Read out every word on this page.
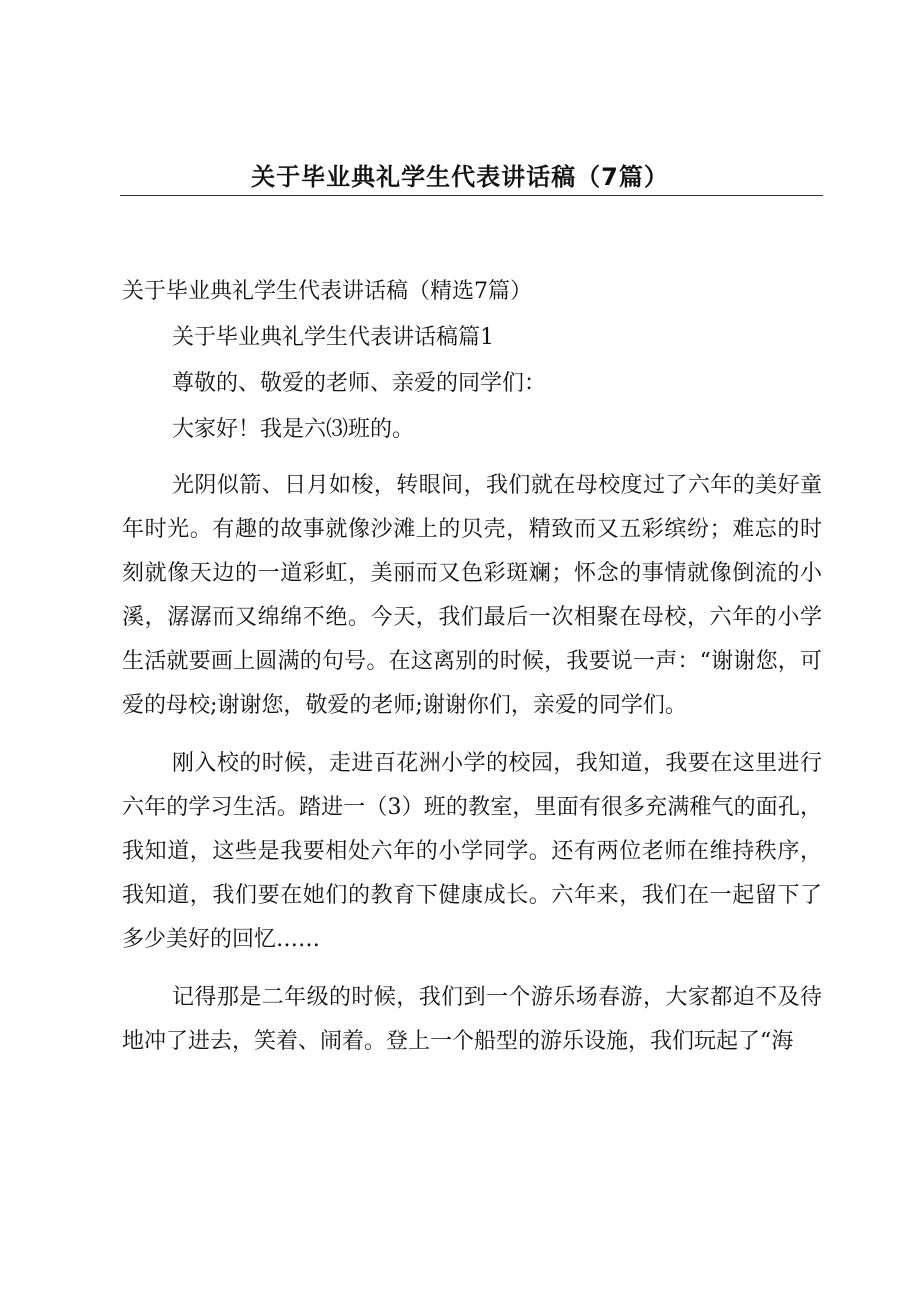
关于毕业典礼学生代表讲话稿（7篇）

关于毕业典礼学生代表讲话稿（精选7篇）

关于毕业典礼学生代表讲话稿篇1

尊敬的、敬爱的老师、亲爱的同学们：

大家好！我是六⑶班的。

光阴似箭、日月如梭，转眼间，我们就在母校度过了六年的美好童年时光。有趣的故事就像沙滩上的贝壳，精致而又五彩缤纷；难忘的时刻就像天边的一道彩虹，美丽而又色彩斑斓；怀念的事情就像倒流的小溪，潺潺而又绵绵不绝。今天，我们最后一次相聚在母校，六年的小学生活就要画上圆满的句号。在这离别的时候，我要说一声：“谢谢您，可爱的母校;谢谢您，敬爱的老师;谢谢你们，亲爱的同学们。

刚入校的时候，走进百花洲小学的校园，我知道，我要在这里进行六年的学习生活。踏进一（3）班的教室，里面有很多充满稚气的面孔，我知道，这些是我要相处六年的小学同学。还有两位老师在维持秩序，我知道，我们要在她们的教育下健康成长。六年来，我们在一起留下了多少美好的回忆……

记得那是二年级的时候，我们到一个游乐场春游，大家都迫不及待地冲了进去，笑着、闹着。登上一个船型的游乐设施，我们玩起了“海
